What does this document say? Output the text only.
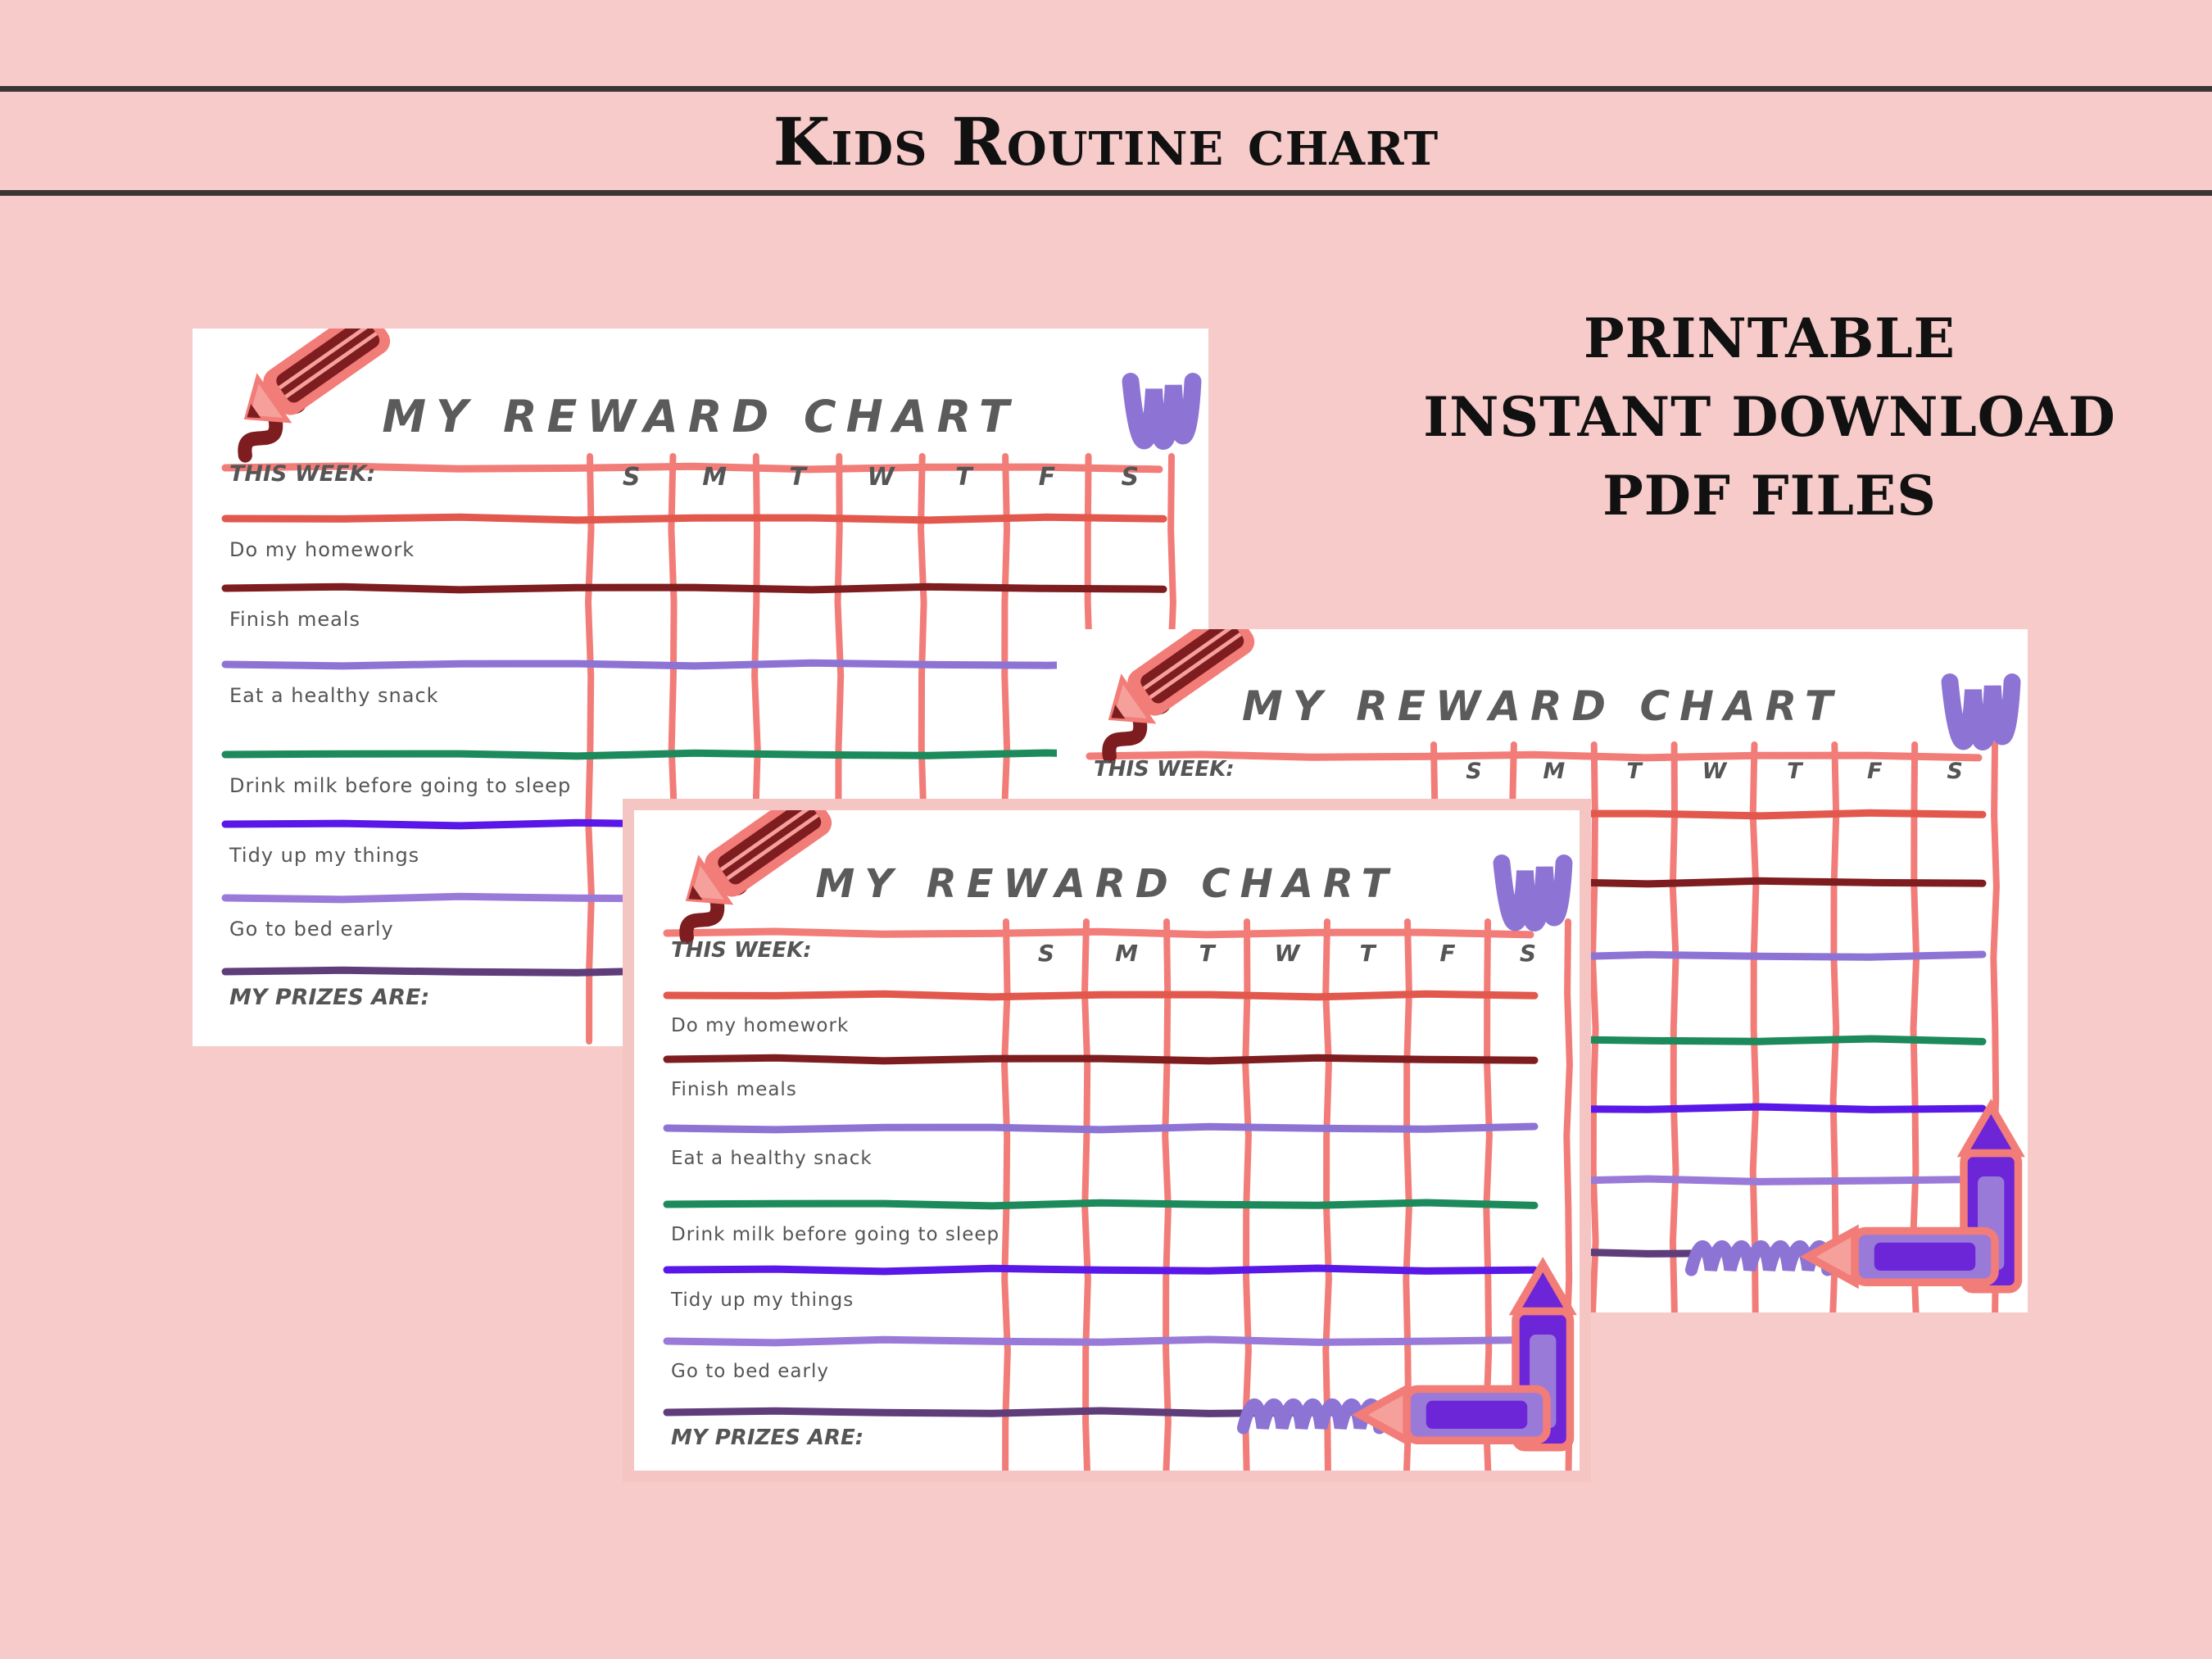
Kids Routine chart
PRINTABLE
INSTANT DOWNLOAD
PDF FILES
MY REWARD CHART
THIS WEEK:	S	M	T	W	T	F	S
Do my homework
Finish meals
Eat a healthy snack
Drink milk before going to sleep
Tidy up my things
Go to bed early
MY PRIZES ARE:
MY REWARD CHART
THIS WEEK:	S	M	T	W	T	F	S
MY REWARD CHART
THIS WEEK:	S	M	T	W	T	F	S
Do my homework
Finish meals
Eat a healthy snack
Drink milk before going to sleep
Tidy up my things
Go to bed early
MY PRIZES ARE:
